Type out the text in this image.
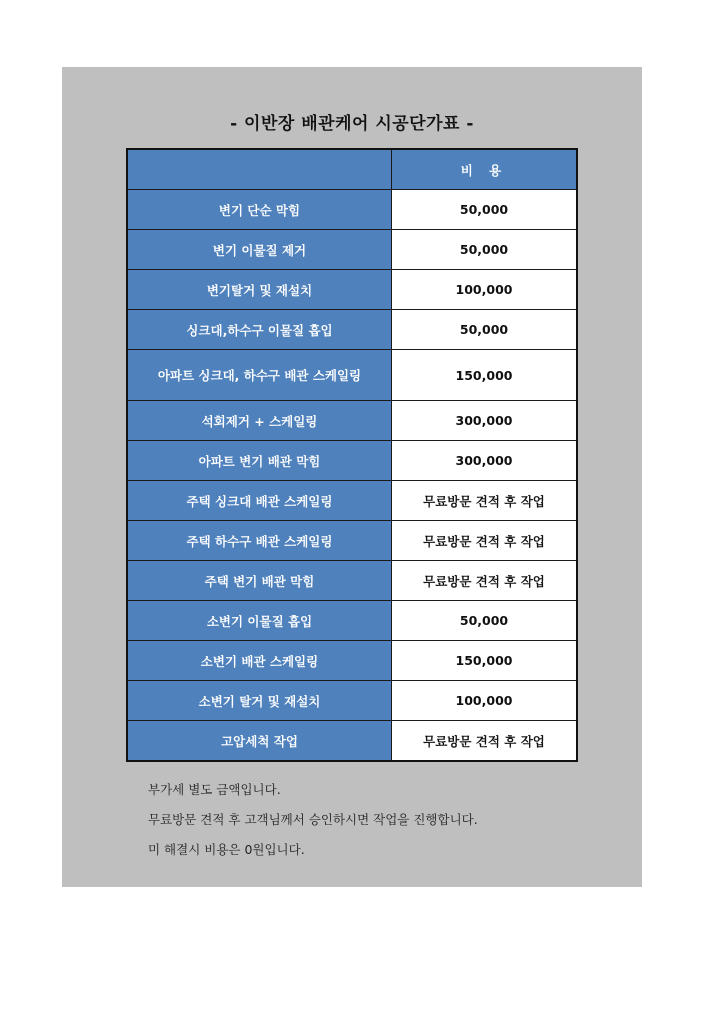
- 이반장 배관케어 시공단가표 -
	비 용
변기 단순 막힘	50,000
변기 이물질 제거	50,000
변기탈거 및 재설치	100,000
싱크대,하수구 이물질 흡입	50,000
아파트 싱크대, 하수구 배관 스케일링	150,000
석회제거 + 스케일링	300,000
아파트 변기 배관 막힘	300,000
주택 싱크대 배관 스케일링	무료방문 견적 후 작업
주택 하수구 배관 스케일링	무료방문 견적 후 작업
주택 변기 배관 막힘	무료방문 견적 후 작업
소변기 이물질 흡입	50,000
소변기 배관 스케일링	150,000
소변기 탈거 및 재설치	100,000
고압세척 작업	무료방문 견적 후 작업
부가세 별도 금액입니다.
무료방문 견적 후 고객님께서 승인하시면 작업을 진행합니다.
미 해결시 비용은 0원입니다.
